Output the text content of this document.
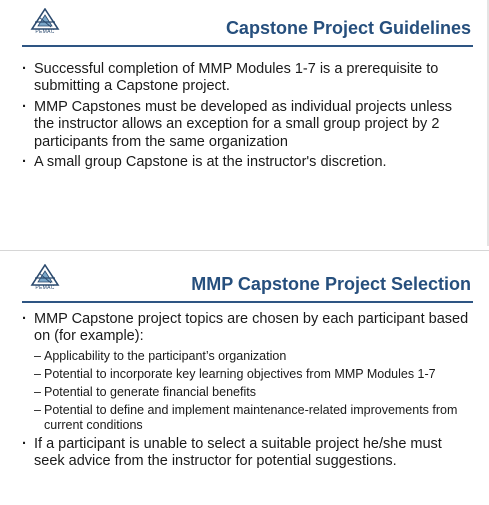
PEMAC	Capstone Project Guidelines
· Successful completion of MMP Modules 1-7 is a prerequisite to submitting a Capstone project.
· MMP Capstones must be developed as individual projects unless the instructor allows an exception for a small group project by 2 participants from the same organization
· A small group Capstone is at the instructor's discretion.
PEMAC	MMP Capstone Project Selection
· MMP Capstone project topics are chosen by each participant based on (for example):
– Applicability to the participant’s organization
– Potential to incorporate key learning objectives from MMP Modules 1-7
– Potential to generate financial benefits
– Potential to define and implement maintenance-related improvements from current conditions
· If a participant is unable to select a suitable project he/she must seek advice from the instructor for potential suggestions.
